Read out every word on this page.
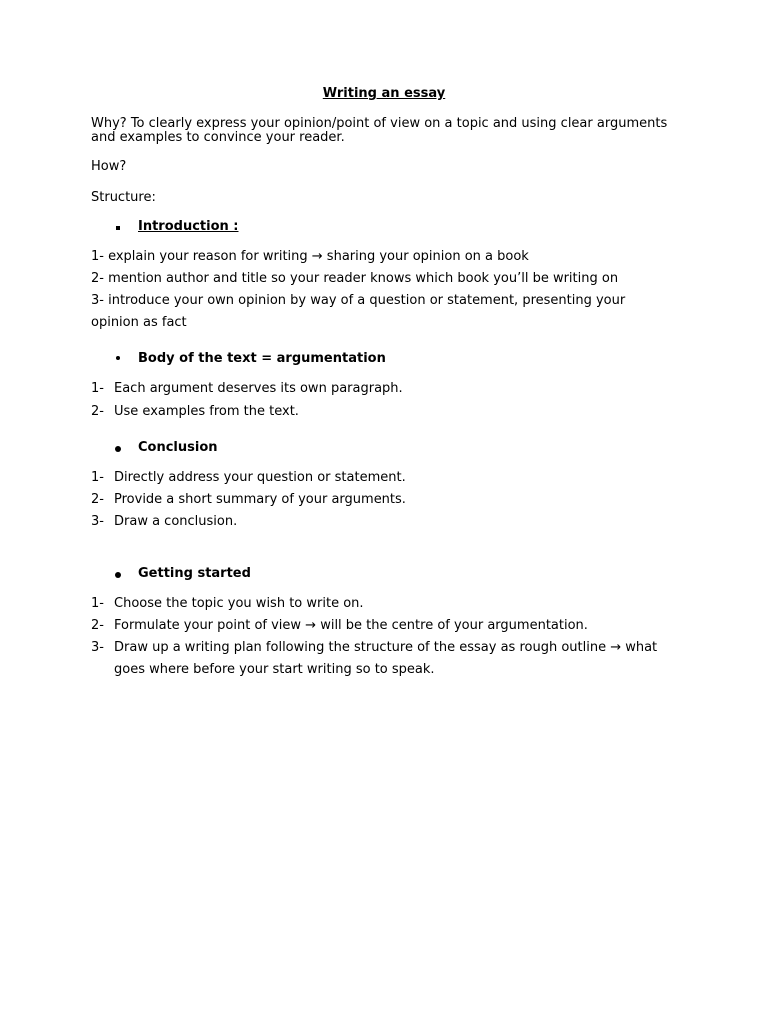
Writing an essay
Why? To clearly express your opinion/point of view on a topic and using clear arguments
and examples to convince your reader.
How?
Structure:
Introduction :
1- explain your reason for writing → sharing your opinion on a book
2- mention author and title so your reader knows which book you’ll be writing on
3- introduce your own opinion by way of a question or statement, presenting your
opinion as fact
Body of the text = argumentation
1- Each argument deserves its own paragraph.
2- Use examples from the text.
Conclusion
1- Directly address your question or statement.
2- Provide a short summary of your arguments.
3- Draw a conclusion.
Getting started
1- Choose the topic you wish to write on.
2- Formulate your point of view → will be the centre of your argumentation.
3- Draw up a writing plan following the structure of the essay as rough outline → what
goes where before your start writing so to speak.
